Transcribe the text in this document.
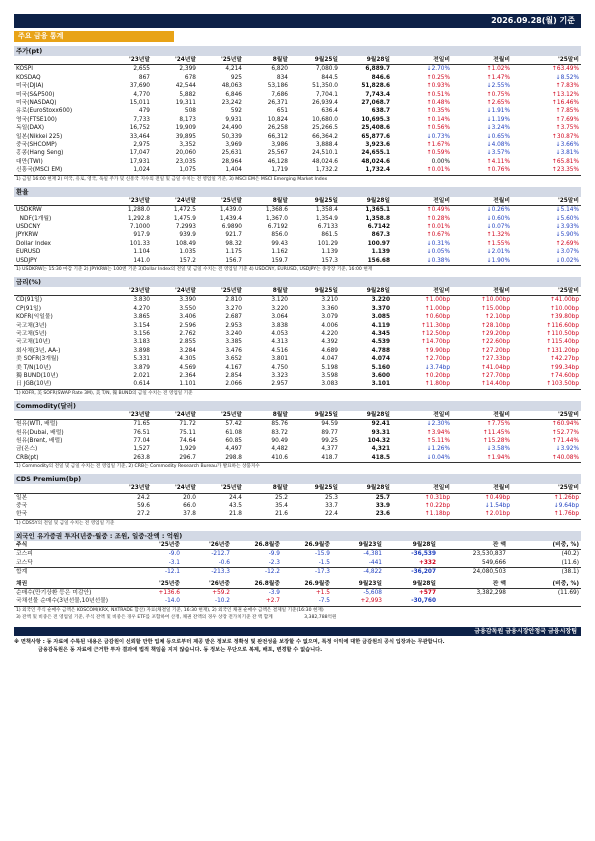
2026.09.28(월) 기준
주요 금융 통계
주가(pt)
	'23년말	'24년말	'25년말	8월말	9월25일	9월28일	전일비	전월비	'25말비
KOSPI	2,655	2,399	4,214	6,820	7,080.9	6,889.7	↓2.70%	↑1.02%	↑63.49%
KOSDAQ	867	678	925	834	844.5	846.6	↑0.25%	↑1.47%	↓8.52%
미국(DJIA)	37,690	42,544	48,063	53,186	51,350.0	51,828.6	↑0.93%	↓2.55%	↑7.83%
미국(S&P500)	4,770	5,882	6,846	7,686	7,704.1	7,743.4	↑0.51%	↑0.75%	↑13.12%
미국(NASDAQ)	15,011	19,311	23,242	26,371	26,939.4	27,068.7	↑0.48%	↑2.65%	↑16.46%
유로(EuroStoxx600)	479	508	592	651	636.4	638.7	↑0.35%	↓1.91%	↑7.85%
영국(FTSE100)	7,733	8,173	9,931	10,824	10,680.0	10,695.3	↑0.14%	↓1.19%	↑7.69%
독일(DAX)	16,752	19,909	24,490	26,258	25,266.5	25,408.6	↑0.56%	↓3.24%	↑3.75%
일본(Nikkei 225)	33,464	39,895	50,339	66,312	66,364.2	65,877.6	↓0.73%	↓0.65%	↑30.87%
중국(SHCOMP)	2,975	3,352	3,969	3,986	3,888.4	3,923.6	↑1.67%	↓4.08%	↓3.66%
홍콩(Hang Seng)	17,047	20,060	25,631	25,567	24,510.1	24,655.1	↑0.59%	↓3.57%	↓3.81%
대만(TWI)	17,931	23,035	28,964	46,128	48,024.6	48,024.6	0.00%	↑4.11%	↑65.81%
신흥국(MSCI EM)	1,024	1,075	1,404	1,719	1,732.2	1,732.4	↑0.01%	↑0.76%	↑23.35%
1) 금일 16:00 현재 2) 미국, 유로, 영국, 독일 주가 및 신흥국 지수의 전일 및 금일 수치는 전 영업일 기준, 3) MSCI EM은 MSCI Emerging Market Index
환율
	'23년말	'24년말	'25년말	8월말	9월25일	9월28일	전일비	전월비	'25말비
USDKRW	1,288.0	1,472.5	1,439.0	1,368.6	1,358.4	1,365.1	↑0.49%	↓0.26%	↓5.14%
NDF(1개월)	1,292.8	1,475.9	1,439.4	1,367.0	1,354.9	1,358.8	↑0.28%	↓0.60%	↓5.60%
USDCNY	7.1000	7.2993	6.9890	6.7192	6.7133	6.7142	↑0.01%	↓0.07%	↓3.93%
JPYKRW	917.9	939.9	921.7	856.0	861.5	867.3	↑0.67%	↑1.32%	↓5.90%
Dollar Index	101.33	108.49	98.32	99.43	101.29	100.97	↓0.31%	↑1.55%	↑2.69%
EURUSD	1.104	1.035	1.175	1.162	1.139	1.139	↓0.05%	↓2.01%	↓3.07%
USDJPY	141.0	157.2	156.7	159.7	157.3	156.68	↓0.38%	↓1.90%	↓0.02%
1) USDKRW는 15:30 마감 기준 2) JPYKRW는 100엔 기준 3)Dollar Index의 전일 및 금일 수치는 전 영업일 기준 4) USDCNY, EURUSD, USDJPY는 종장장 기준, 16:00 현재
금리(%)
	'23년말	'24년말	'25년말	8월말	9월25일	9월28일	전일비	전월비	'25말비
CD(91일)	3.830	3.390	2.810	3.120	3.210	3.220	↑1.00bp	↑10.00bp	↑41.00bp
CP(91일)	4.270	3.550	3.270	3.220	3.360	3.370	↑1.00bp	↑15.00bp	↑10.00bp
KOFR(익일물)	3.865	3.406	2.687	3.064	3.079	3.085	↑0.60bp	↑2.10bp	↑39.80bp
국고채(3년)	3.154	2.596	2.953	3.838	4.006	4.119	↑11.30bp	↑28.10bp	↑116.60bp
국고채(5년)	3.156	2.762	3.240	4.053	4.220	4.345	↑12.50bp	↑29.20bp	↑110.50bp
국고채(10년)	3.183	2.855	3.385	4.313	4.392	4.539	↑14.70bp	↑22.60bp	↑115.40bp
회사채(3년, AA-)	3.898	3.284	3.476	4.516	4.689	4.788	↑9.90bp	↑27.20bp	↑131.20bp
美 SOFR(3개월)	5.331	4.305	3.652	3.801	4.047	4.074	↑2.70bp	↑27.33bp	↑42.27bp
美 T/N(10년)	3.879	4.569	4.167	4.750	5.198	5.160	↓3.74bp	↑41.04bp	↑99.34bp
獨 BUND(10년)	2.021	2.364	2.854	3.323	3.598	3.600	↑0.20bp	↑27.70bp	↑74.60bp
日 JGB(10년)	0.614	1.101	2.066	2.957	3.083	3.101	↑1.80bp	↑14.40bp	↑103.50bp
1) KOFR, 美 SOFR(SWAP Rate 3M), 美 T/N, 獨 BUND의 금일 수치는 전 영업일 기준
Commodity(달러)
	'23년말	'24년말	'25년말	8월말	9월25일	9월28일	전일비	전월비	'25말비
원유(WTI, 배럴)	71.65	71.72	57.42	85.76	94.59	92.41	↓2.30%	↑7.75%	↑60.94%
원유(Dubai, 배럴)	76.51	75.11	61.08	83.72	89.77	93.31	↑3.94%	↑11.45%	↑52.77%
원유(Brent, 배럴)	77.04	74.64	60.85	90.49	99.25	104.32	↑5.11%	↑15.28%	↑71.44%
금(온스)	1,527	1,929	4,497	4,482	4,377	4,321	↓1.26%	↓3.58%	↓3.92%
CRB(pt)	263.8	296.7	298.8	410.6	418.7	418.5	↓0.04%	↑1.94%	↑40.08%
1) Commodity의 전일 및 금일 수치는 전 영업일 기준, 2) CRB는 Commodity Research Bureau가 발표하는 상품지수
CDS Premium(bp)
	'23년말	'24년말	'25년말	8월말	9월25일	9월28일	전일비	전월비	'25말비
일본	24.2	20.0	24.4	25.2	25.3	25.7	↑0.31bp	↑0.49bp	↑1.26bp
중국	59.6	66.0	43.5	35.4	33.7	33.9	↑0.22bp	↓1.54bp	↓9.64bp
한국	27.2	37.8	21.8	21.6	22.4	23.6	↑1.18bp	↑2.01bp	↑1.76bp
1) CDS5Y의 전일 및 금일 수치는 전 영업일 기준
외국인 유가증권 투자(년중·월중 : 조원, 일중·잔액 : 억원)
주식	'25년중	'26년중	26.8월중	26.9월중	9월23일	9월28일	잔 액	(비중, %)
코스피	-9.0	-212.7	-9.9	-15.9	-4,381	-36,539	23,530,837	(40.2)
코스닥	-3.1	-0.6	-2.3	-1.5	-441	+332	549,666	(11.6)
합계	-12.1	-213.3	-12.2	-17.3	-4,822	-36,207	24,080,503	(38.1)
채권	'25년중	'26년중	26.8월중	26.9월중	9월23일	9월28일	잔 액	(비중, %)
순매수(만기상환 등은 미감안)	+136.6	+59.2	-3.9	+1.5	-5,608	+577	3,382,298	(11.69)
국채선물 순매수(3년선물,10년선물)	-14.0	-10.2	+2.7	-7.5	+2,993	-30,760		
1) 외국인 주식 순매수 금액은 KOSCOM(KRX, NXTRADE 합산) 자료(채결일 기준, 16:30 현재), 2) 외국인 채권 순매수 금액은 결제일 기준(16:30 현재)
3) 잔액 및 비중은 전 영업일 기준, 주식 잔액 및 비중은 경우 ETF를 포함하여 산정, 채권 잔액의 경우 상장 전가치기준 잔 액 합계	3,382,788억원
금융감독원 금융시장안정국 금융시장팀
※ 면책사항 : 동 자료에 수록된 내용은 금감원이 신뢰할 만한 업체 등으로부터 제공 받은 정보로 정확성 및 완전성을 보장할 수 없으며, 특정 이익에 대한 금감원의 공식 입장과는 무관합니다.
금융감독원은 동 자료에 근거한 투자 결과에 법적 책임을 지지 않습니다. 동 정보는 무단으로 복제, 배포, 변경할 수 없습니다.
